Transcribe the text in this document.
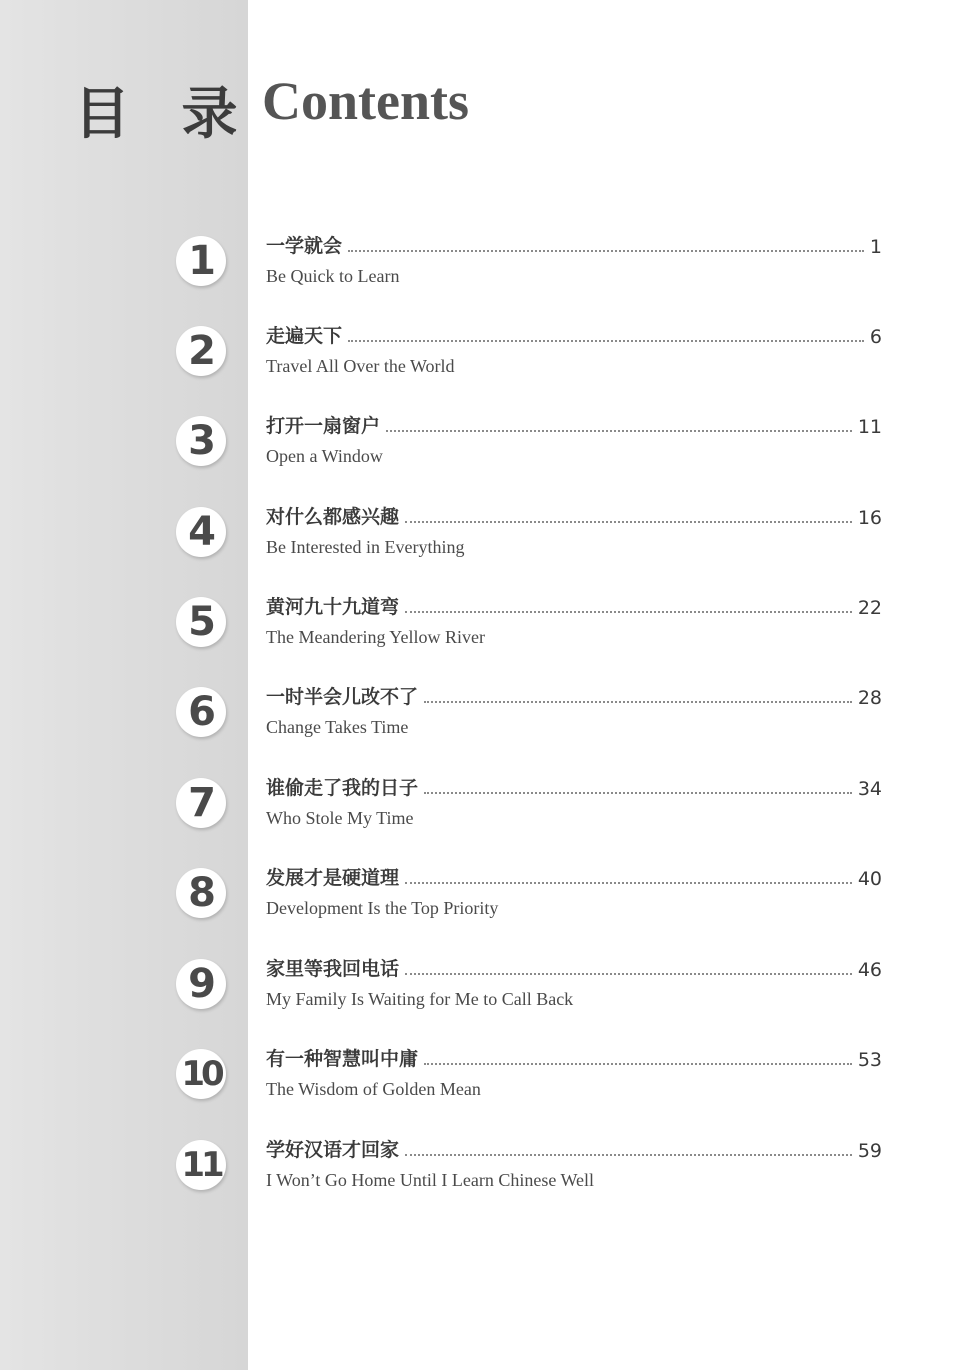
目 录 Contents
1	一学就会	1
Be Quick to Learn
2	走遍天下	6
Travel All Over the World
3	打开一扇窗户	11
Open a Window
4	对什么都感兴趣	16
Be Interested in Everything
5	黄河九十九道弯	22
The Meandering Yellow River
6	一时半会儿改不了	28
Change Takes Time
7	谁偷走了我的日子	34
Who Stole My Time
8	发展才是硬道理	40
Development Is the Top Priority
9	家里等我回电话	46
My Family Is Waiting for Me to Call Back
10 有一种智慧叫中庸	53
The Wisdom of Golden Mean
11 学好汉语才回家	59
I Won’t Go Home Until I Learn Chinese Well
